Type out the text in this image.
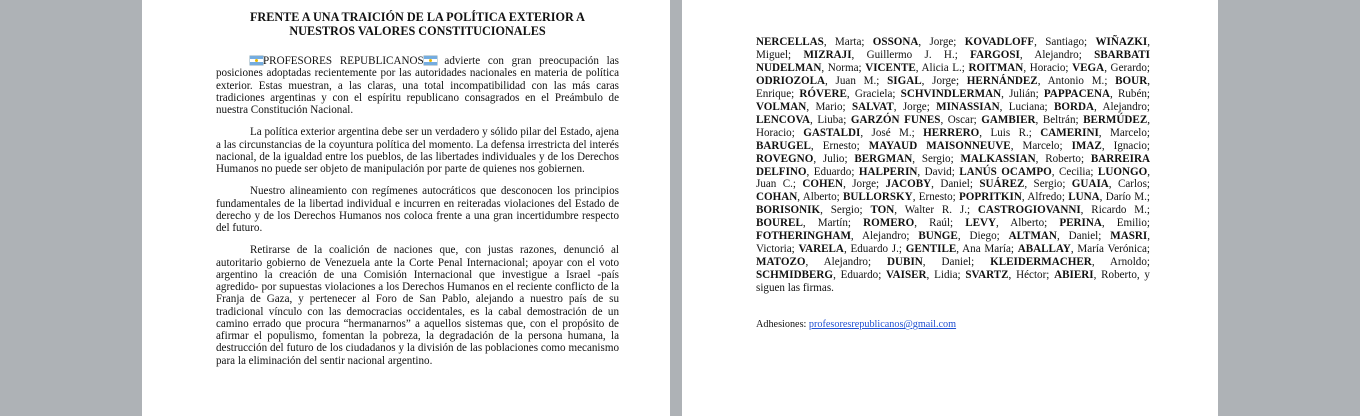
FRENTE A UNA TRAICIÓN DE LA POLÍTICA EXTERIOR A NUESTROS VALORES CONSTITUCIONALES

PROFESORES REPUBLICANOS advierte con gran preocupación las posiciones adoptadas recientemente por las autoridades nacionales en materia de política exterior. Estas muestran, a las claras, una total incompatibilidad con las más caras tradiciones argentinas y con el espíritu republicano consagrados en el Preámbulo de nuestra Constitución Nacional.

La política exterior argentina debe ser un verdadero y sólido pilar del Estado, ajena a las circunstancias de la coyuntura política del momento. La defensa irrestricta del interés nacional, de la igualdad entre los pueblos, de las libertades individuales y de los Derechos Humanos no puede ser objeto de manipulación por parte de quienes nos gobiernen.

Nuestro alineamiento con regímenes autocráticos que desconocen los principios fundamentales de la libertad individual e incurren en reiteradas violaciones del Estado de derecho y de los Derechos Humanos nos coloca frente a una gran incertidumbre respecto del futuro.

Retirarse de la coalición de naciones que, con justas razones, denunció al autoritario gobierno de Venezuela ante la Corte Penal Internacional; apoyar con el voto argentino la creación de una Comisión Internacional que investigue a Israel -país agredido- por supuestas violaciones a los Derechos Humanos en el reciente conflicto de la Franja de Gaza, y pertenecer al Foro de San Pablo, alejando a nuestro país de su tradicional vínculo con las democracias occidentales, es la cabal demostración de un camino errado que procura “hermanarnos” a aquellos sistemas que, con el propósito de afirmar el populismo, fomentan la pobreza, la degradación de la persona humana, la destrucción del futuro de los ciudadanos y la división de las poblaciones como mecanismo para la eliminación del sentir nacional argentino.

NERCELLAS, Marta; OSSONA, Jorge; KOVADLOFF, Santiago; WIÑAZKI, Miguel; MIZRAJI, Guillermo J. H.; FARGOSI, Alejandro; SBARBATI NUDELMAN, Norma; VICENTE, Alicia L.; ROITMAN, Horacio; VEGA, Gerardo; ODRIOZOLA, Juan M.; SIGAL, Jorge; HERNÁNDEZ, Antonio M.; BOUR, Enrique; RÓVERE, Graciela; SCHVINDLERMAN, Julián; PAPPACENA, Rubén; VOLMAN, Mario; SALVAT, Jorge; MINASSIAN, Luciana; BORDA, Alejandro; LENCOVA, Liuba; GARZÓN FUNES, Oscar; GAMBIER, Beltrán; BERMÚDEZ, Horacio; GASTALDI, José M.; HERRERO, Luis R.; CAMERINI, Marcelo; BARUGEL, Ernesto; MAYAUD MAISONNEUVE, Marcelo; IMAZ, Ignacio; ROVEGNO, Julio; BERGMAN, Sergio; MALKASSIAN, Roberto; BARREIRA DELFINO, Eduardo; HALPERIN, David; LANÚS OCAMPO, Cecilia; LUONGO, Juan C.; COHEN, Jorge; JACOBY, Daniel; SUÁREZ, Sergio; GUAIA, Carlos; COHAN, Alberto; BULLORSKY, Ernesto; POPRITKIN, Alfredo; LUNA, Darío M.; BORISONIK, Sergio; TON, Walter R. J.; CASTROGIOVANNI, Ricardo M.; BOUREL, Martín; ROMERO, Raúl; LEVY, Alberto; PERINA, Emilio; FOTHERINGHAM, Alejandro; BUNGE, Diego; ALTMAN, Daniel; MASRI, Victoria; VARELA, Eduardo J.; GENTILE, Ana María; ABALLAY, María Verónica; MATOZO, Alejandro; DUBIN, Daniel; KLEIDERMACHER, Arnoldo; SCHMIDBERG, Eduardo; VAISER, Lidia; SVARTZ, Héctor; ABIERI, Roberto, y siguen las firmas.

Adhesiones: profesoresrepublicanos@gmail.com
